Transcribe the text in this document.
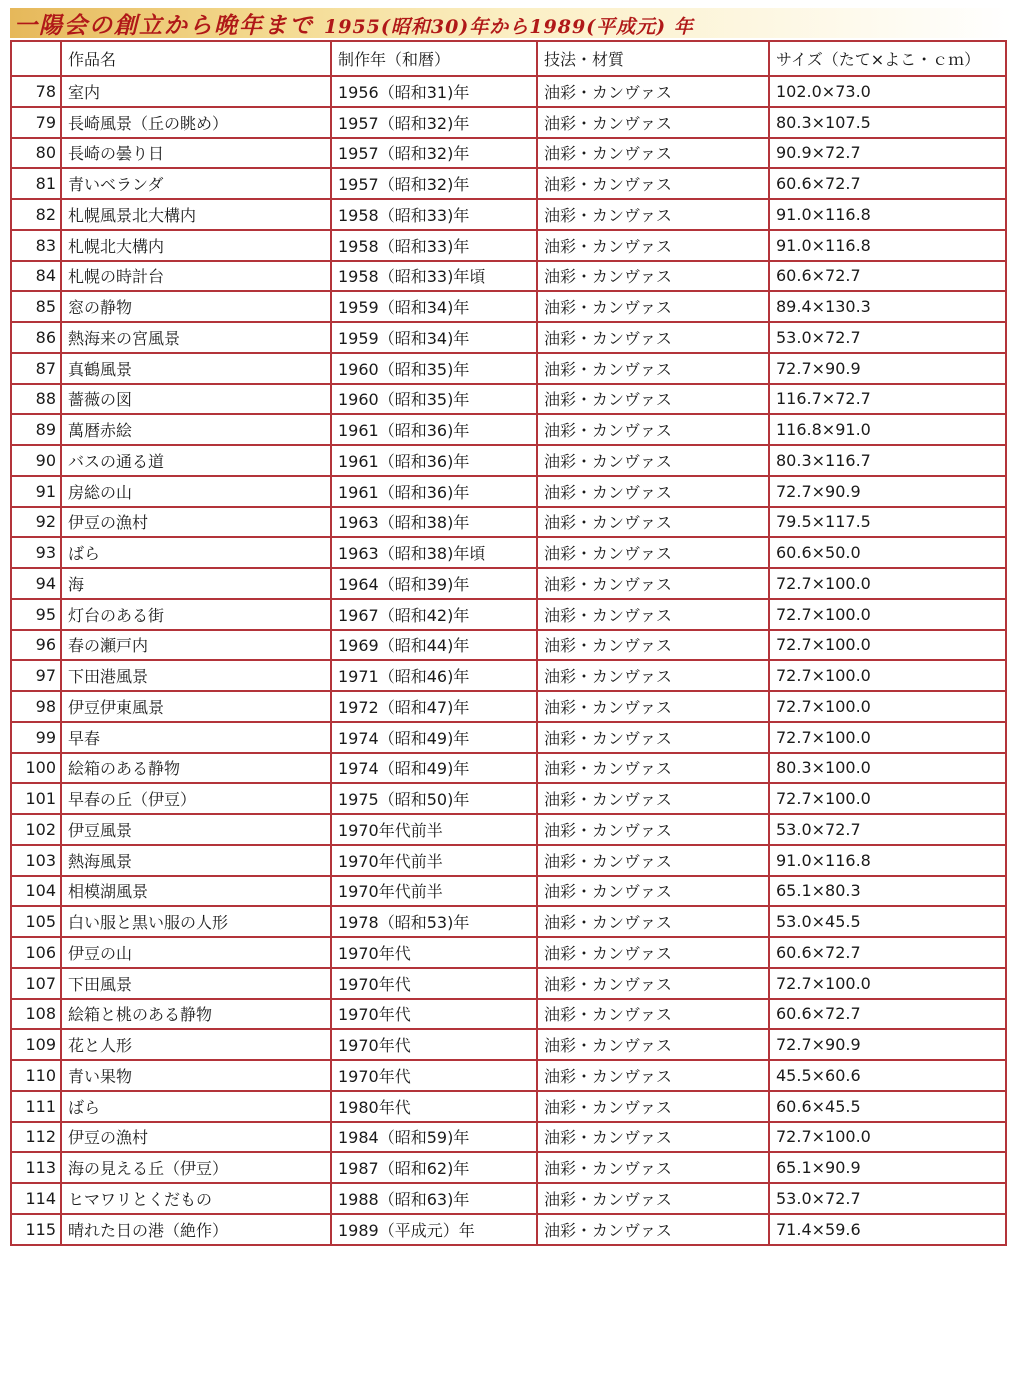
一陽会の創立から晩年まで 1955(昭和30)年から1989(平成元) 年
	作品名	制作年（和暦）	技法・材質	サイズ（たて×よこ・ｃｍ）
78	室内	1956（昭和31)年	油彩・カンヴァス	102.0×73.0
79	長崎風景（丘の眺め）	1957（昭和32)年	油彩・カンヴァス	80.3×107.5
80	長崎の曇り日	1957（昭和32)年	油彩・カンヴァス	90.9×72.7
81	青いベランダ	1957（昭和32)年	油彩・カンヴァス	60.6×72.7
82	札幌風景北大構内	1958（昭和33)年	油彩・カンヴァス	91.0×116.8
83	札幌北大構内	1958（昭和33)年	油彩・カンヴァス	91.0×116.8
84	札幌の時計台	1958（昭和33)年頃	油彩・カンヴァス	60.6×72.7
85	窓の静物	1959（昭和34)年	油彩・カンヴァス	89.4×130.3
86	熱海来の宮風景	1959（昭和34)年	油彩・カンヴァス	53.0×72.7
87	真鶴風景	1960（昭和35)年	油彩・カンヴァス	72.7×90.9
88	薔薇の図	1960（昭和35)年	油彩・カンヴァス	116.7×72.7
89	萬暦赤絵	1961（昭和36)年	油彩・カンヴァス	116.8×91.0
90	バスの通る道	1961（昭和36)年	油彩・カンヴァス	80.3×116.7
91	房総の山	1961（昭和36)年	油彩・カンヴァス	72.7×90.9
92	伊豆の漁村	1963（昭和38)年	油彩・カンヴァス	79.5×117.5
93	ばら	1963（昭和38)年頃	油彩・カンヴァス	60.6×50.0
94	海	1964（昭和39)年	油彩・カンヴァス	72.7×100.0
95	灯台のある街	1967（昭和42)年	油彩・カンヴァス	72.7×100.0
96	春の瀬戸内	1969（昭和44)年	油彩・カンヴァス	72.7×100.0
97	下田港風景	1971（昭和46)年	油彩・カンヴァス	72.7×100.0
98	伊豆伊東風景	1972（昭和47)年	油彩・カンヴァス	72.7×100.0
99	早春	1974（昭和49)年	油彩・カンヴァス	72.7×100.0
100	絵箱のある静物	1974（昭和49)年	油彩・カンヴァス	80.3×100.0
101	早春の丘（伊豆）	1975（昭和50)年	油彩・カンヴァス	72.7×100.0
102	伊豆風景	1970年代前半	油彩・カンヴァス	53.0×72.7
103	熱海風景	1970年代前半	油彩・カンヴァス	91.0×116.8
104	相模湖風景	1970年代前半	油彩・カンヴァス	65.1×80.3
105	白い服と黒い服の人形	1978（昭和53)年	油彩・カンヴァス	53.0×45.5
106	伊豆の山	1970年代	油彩・カンヴァス	60.6×72.7
107	下田風景	1970年代	油彩・カンヴァス	72.7×100.0
108	絵箱と桃のある静物	1970年代	油彩・カンヴァス	60.6×72.7
109	花と人形	1970年代	油彩・カンヴァス	72.7×90.9
110	青い果物	1970年代	油彩・カンヴァス	45.5×60.6
111	ばら	1980年代	油彩・カンヴァス	60.6×45.5
112	伊豆の漁村	1984（昭和59)年	油彩・カンヴァス	72.7×100.0
113	海の見える丘（伊豆）	1987（昭和62)年	油彩・カンヴァス	65.1×90.9
114	ヒマワリとくだもの	1988（昭和63)年	油彩・カンヴァス	53.0×72.7
115	晴れた日の港（絶作）	1989（平成元）年	油彩・カンヴァス	71.4×59.6
